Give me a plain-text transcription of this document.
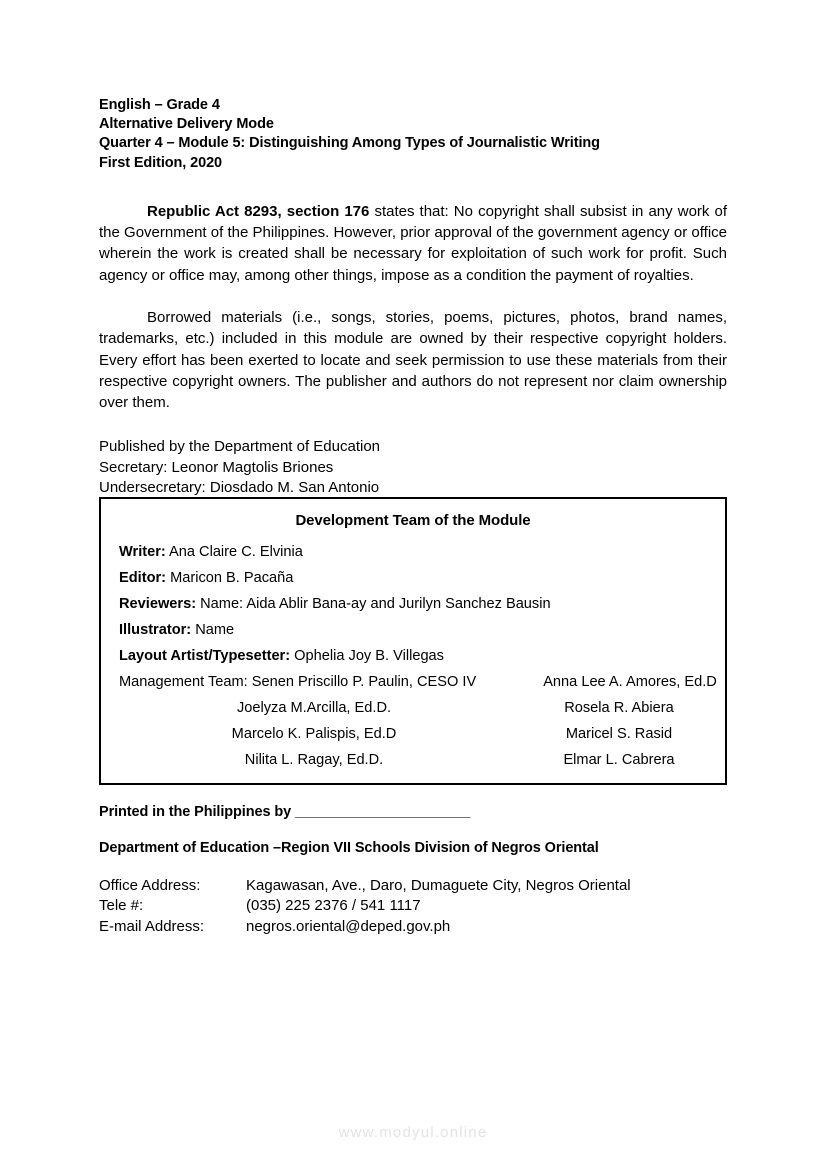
English – Grade 4
Alternative Delivery Mode
Quarter 4 – Module 5: Distinguishing Among Types of Journalistic Writing
First Edition, 2020

Republic Act 8293, section 176 states that: No copyright shall subsist in any work of the Government of the Philippines. However, prior approval of the government agency or office wherein the work is created shall be necessary for exploitation of such work for profit. Such agency or office may, among other things, impose as a condition the payment of royalties.

Borrowed materials (i.e., songs, stories, poems, pictures, photos, brand names, trademarks, etc.) included in this module are owned by their respective copyright holders. Every effort has been exerted to locate and seek permission to use these materials from their respective copyright owners. The publisher and authors do not represent nor claim ownership over them.

Published by the Department of Education
Secretary: Leonor Magtolis Briones
Undersecretary: Diosdado M. San Antonio
Development Team of the Module
Writer: Ana Claire C. Elvinia
Editor: Maricon B. Pacaña
Reviewers: Name: Aida Ablir Bana-ay and Jurilyn Sanchez Bausin
Illustrator: Name
Layout Artist/Typesetter: Ophelia Joy B. Villegas
Management Team: Senen Priscillo P. Paulin, CESO IV	Anna Lee A. Amores, Ed.D
Joelyza M.Arcilla, Ed.D.	Rosela R. Abiera
Marcelo K. Palispis, Ed.D	Maricel S. Rasid
Nilita L. Ragay, Ed.D.	Elmar L. Cabrera
Printed in the Philippines by ______________________
Department of Education –Region VII Schools Division of Negros Oriental
Office Address:	Kagawasan, Ave., Daro, Dumaguete City, Negros Oriental
Tele #:	(035) 225 2376 / 541 1117
E-mail Address:	negros.oriental@deped.gov.ph
www.modyul.online
